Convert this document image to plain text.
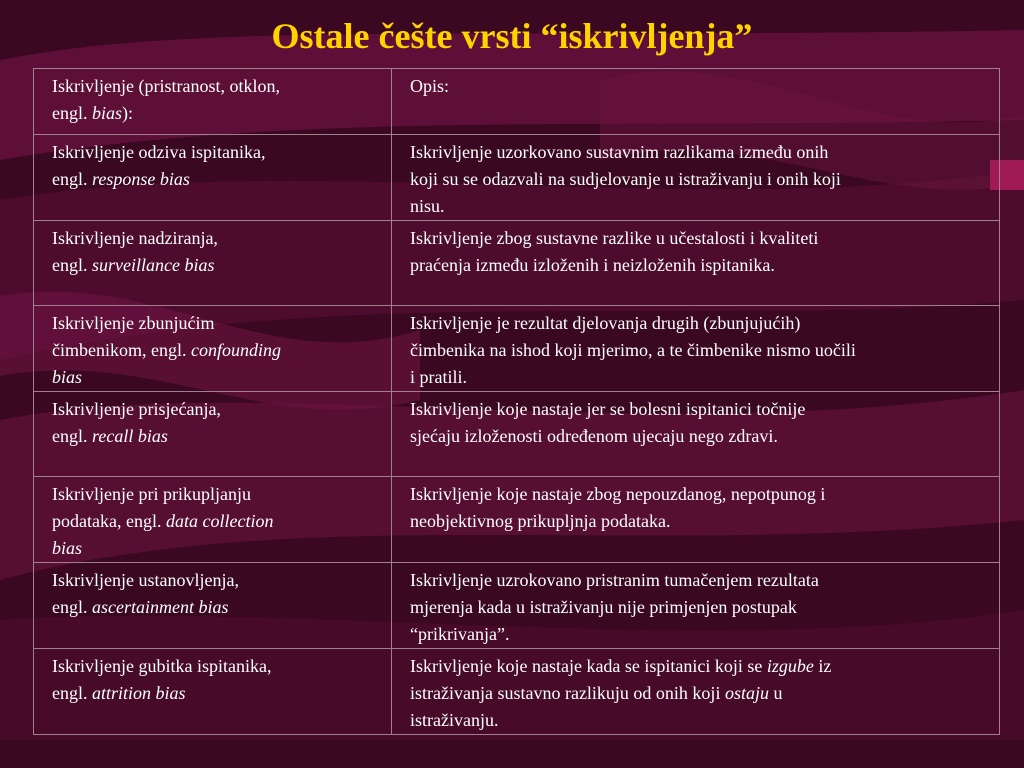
Ostale češte vrsti “iskrivljenja”
Iskrivljenje (pristranost, otklon,
engl. bias):	Opis:

Iskrivljenje odziva ispitanika,
engl. response bias	Iskrivljenje uzorkovano sustavnim razlikama između onih
koji su se odazvali na sudjelovanje u istraživanju i onih koji
nisu.

Iskrivljenje nadziranja,
engl. surveillance bias	Iskrivljenje zbog sustavne razlike u učestalosti i kvaliteti
praćenja između izloženih i neizloženih ispitanika.

Iskrivljenje zbunjućim
čimbenikom, engl. confounding
bias	Iskrivljenje je rezultat djelovanja drugih (zbunjujućih)
čimbenika na ishod koji mjerimo, a te čimbenike nismo uočili
i pratili.

Iskrivljenje prisjećanja,
engl. recall bias	Iskrivljenje koje nastaje jer se bolesni ispitanici točnije
sjećaju izloženosti određenom ujecaju nego zdravi.

Iskrivljenje pri prikupljanju
podataka, engl. data collection
bias	Iskrivljenje koje nastaje zbog nepouzdanog, nepotpunog i
neobjektivnog prikupljnja podataka.

Iskrivljenje ustanovljenja,
engl. ascertainment bias	Iskrivljenje uzrokovano pristranim tumačenjem rezultata
mjerenja kada u istraživanju nije primjenjen postupak
“prikrivanja”.

Iskrivljenje gubitka ispitanika,
engl. attrition bias	Iskrivljenje koje nastaje kada se ispitanici koji se izgube iz
istraživanja sustavno razlikuju od onih koji ostaju u
istraživanju.
